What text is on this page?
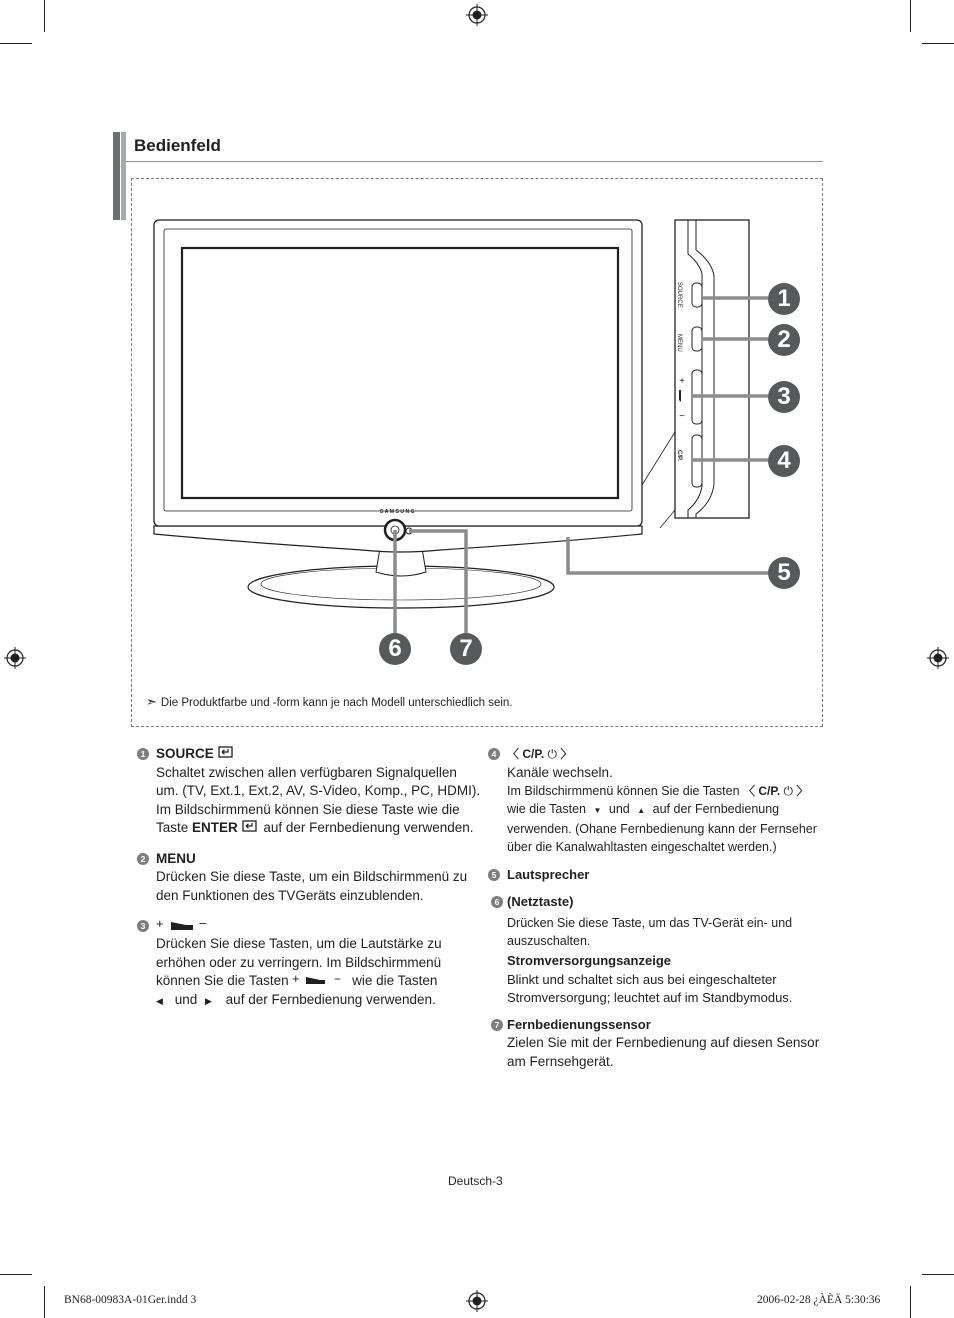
Bedienfeld
SAMSUNG
SOURCE
MENU
+
−
C/P.
1
2
3
4
5
6	7
➣ Die Produktfarbe und -form kann je nach Modell unterschiedlich sein.
1 SOURCE
Schaltet zwischen allen verfügbaren Signalquellen um. (TV, Ext.1, Ext.2, AV, S-Video, Komp., PC, HDMI). Im Bildschirmmenü können Sie diese Taste wie die Taste ENTER auf der Fernbedienung verwenden.
2 MENU
Drücken Sie diese Taste, um ein Bildschirmmenü zu den Funktionen des TVGeräts einzublenden.
3 +	−
Drücken Sie diese Tasten, um die Lautstärke zu erhöhen oder zu verringern. Im Bildschirmmenü können Sie die Tasten +	− wie die Tasten
◀ und ▶ auf der Fernbedienung verwenden.
4 〈 C/P. ⏻ 〉
Kanäle wechseln.
Im Bildschirmmenü können Sie die Tasten 〈 C/P. ⏻ 〉
wie die Tasten ▼ und ▲ auf der Fernbedienung verwenden. (Ohane Fernbedienung kann der Fernseher über die Kanalwahltasten eingeschaltet werden.)
5 Lautsprecher
6 (Netztaste)
Drücken Sie diese Taste, um das TV-Gerät ein- und auszuschalten.
Stromversorgungsanzeige
Blinkt und schaltet sich aus bei eingeschalteter Stromversorgung; leuchtet auf im Standbymodus.
7 Fernbedienungssensor
Zielen Sie mit der Fernbedienung auf diesen Sensor am Fernsehgerät.
Deutsch-3
BN68-00983A-01Ger.indd 3	2006-02-28 ¿ÀÈÄ 5:30:36
